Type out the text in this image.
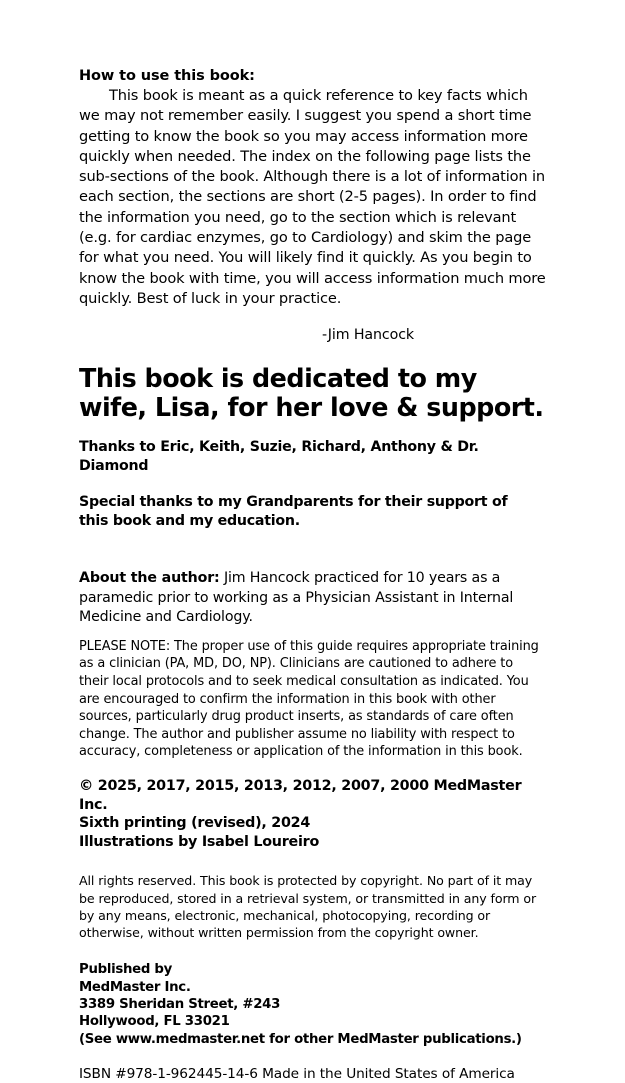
How to use this book:

This book is meant as a quick reference to key facts which we may not remember easily. I suggest you spend a short time getting to know the book so you may access information more quickly when needed. The index on the following page lists the sub-sections of the book. Although there is a lot of information in each section, the sections are short (2-5 pages). In order to find the information you need, go to the section which is relevant (e.g. for cardiac enzymes, go to Cardiology) and skim the page for what you need. You will likely find it quickly. As you begin to know the book with time, you will access information much more quickly. Best of luck in your practice.

-Jim Hancock

This book is dedicated to my wife, Lisa, for her love & support.

Thanks to Eric, Keith, Suzie, Richard, Anthony & Dr. Diamond

Special thanks to my Grandparents for their support of this book and my education.

About the author: Jim Hancock practiced for 10 years as a paramedic prior to working as a Physician Assistant in Internal Medicine and Cardiology.

PLEASE NOTE: The proper use of this guide requires appropriate training as a clinician (PA, MD, DO, NP). Clinicians are cautioned to adhere to their local protocols and to seek medical consultation as indicated. You are encouraged to confirm the information in this book with other sources, particularly drug product inserts, as standards of care often change. The author and publisher assume no liability with respect to accuracy, completeness or application of the information in this book.

© 2025, 2017, 2015, 2013, 2012, 2007, 2000 MedMaster Inc.
Sixth printing (revised), 2024
Illustrations by Isabel Loureiro

All rights reserved. This book is protected by copyright. No part of it may be reproduced, stored in a retrieval system, or transmitted in any form or by any means, electronic, mechanical, photocopying, recording or otherwise, without written permission from the copyright owner.

Published by
MedMaster Inc.
3389 Sheridan Street, #243
Hollywood, FL 33021
(See www.medmaster.net for other MedMaster publications.)

ISBN #978-1-962445-14-6 Made in the United States of America
